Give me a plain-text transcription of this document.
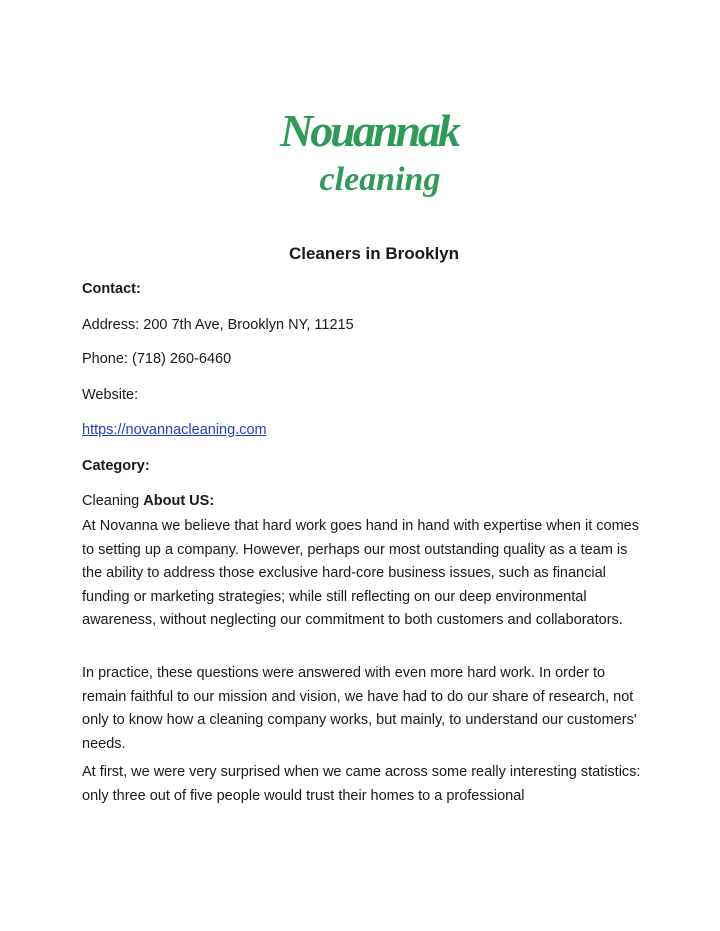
Nouannak
cleaning
Cleaners in Brooklyn

Contact:

Address: 200 7th Ave, Brooklyn NY, 11215

Phone: (718) 260-6460

Website:

https://novannacleaning.com

Category:

Cleaning About US:

At Novanna we believe that hard work goes hand in hand with expertise when it comes to setting up a company. However, perhaps our most outstanding quality as a team is the ability to address those exclusive hard-core business issues, such as financial funding or marketing strategies; while still reflecting on our deep environmental awareness, without neglecting our commitment to both customers and collaborators.

In practice, these questions were answered with even more hard work. In order to remain faithful to our mission and vision, we have had to do our share of research, not only to know how a cleaning company works, but mainly, to understand our customers' needs.

At first, we were very surprised when we came across some really interesting statistics: only three out of five people would trust their homes to a professional
